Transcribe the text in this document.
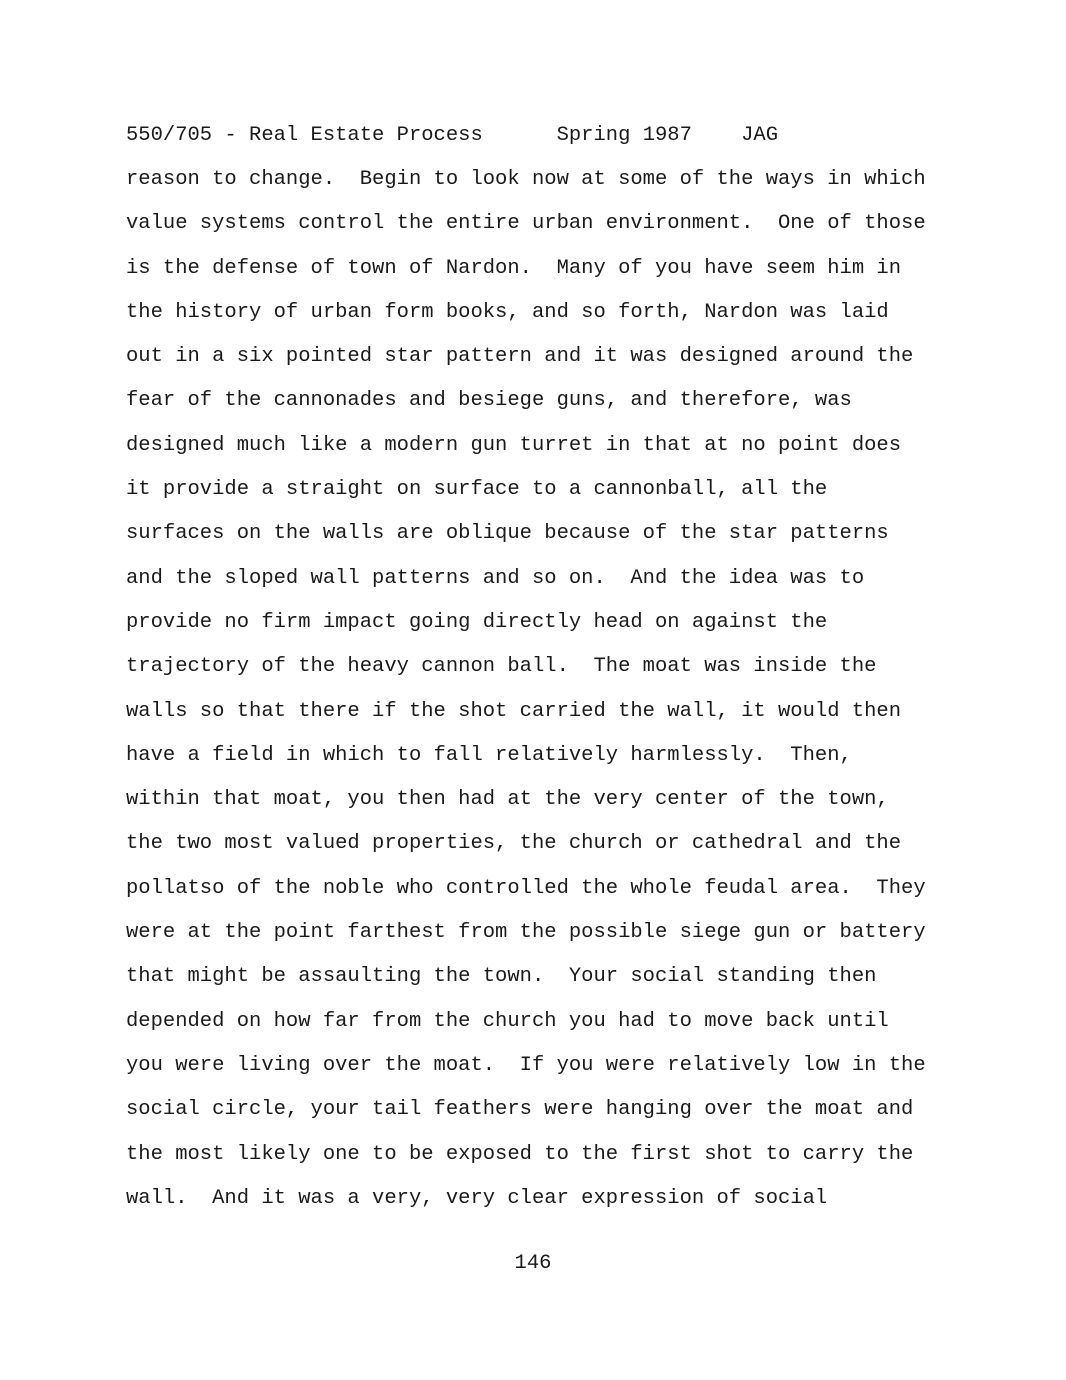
550/705 - Real Estate Process	Spring 1987 JAG
reason to change.  Begin to look now at some of the ways in which
value systems control the entire urban environment.  One of those
is the defense of town of Nardon.  Many of you have seem him in
the history of urban form books, and so forth, Nardon was laid
out in a six pointed star pattern and it was designed around the
fear of the cannonades and besiege guns, and therefore, was
designed much like a modern gun turret in that at no point does
it provide a straight on surface to a cannonball, all the
surfaces on the walls are oblique because of the star patterns
and the sloped wall patterns and so on.  And the idea was to
provide no firm impact going directly head on against the
trajectory of the heavy cannon ball.  The moat was inside the
walls so that there if the shot carried the wall, it would then
have a field in which to fall relatively harmlessly.  Then,
within that moat, you then had at the very center of the town,
the two most valued properties, the church or cathedral and the
pollatso of the noble who controlled the whole feudal area.  They
were at the point farthest from the possible siege gun or battery
that might be assaulting the town.  Your social standing then
depended on how far from the church you had to move back until
you were living over the moat.  If you were relatively low in the
social circle, your tail feathers were hanging over the moat and
the most likely one to be exposed to the first shot to carry the
wall.  And it was a very, very clear expression of social
146
